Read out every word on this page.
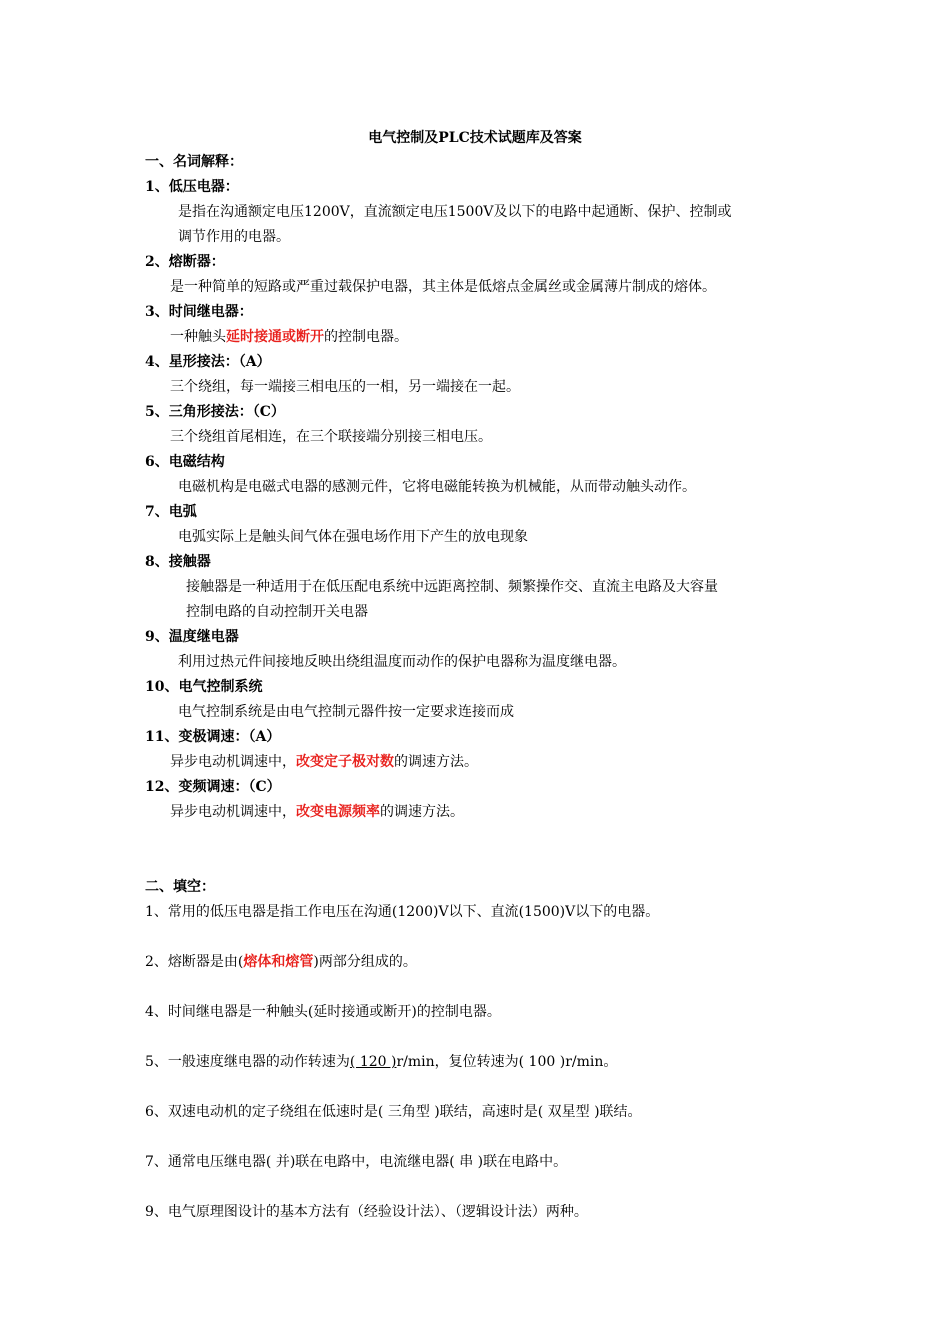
电气控制及PLC技术试题库及答案
一、名词解释：
1、低压电器：
是指在沟通额定电压1200V，直流额定电压1500V及以下的电路中起通断、保护、控制或
调节作用的电器。
2、熔断器：
是一种简单的短路或严重过载保护电器，其主体是低熔点金属丝或金属薄片制成的熔体。
3、时间继电器：
一种触头延时接通或断开的控制电器。
4、星形接法：（A）
三个绕组，每一端接三相电压的一相，另一端接在一起。
5、三角形接法：（C）
三个绕组首尾相连，在三个联接端分别接三相电压。
6、电磁结构
电磁机构是电磁式电器的感测元件，它将电磁能转换为机械能，从而带动触头动作。
7、电弧
电弧实际上是触头间气体在强电场作用下产生的放电现象
8、接触器
接触器是一种适用于在低压配电系统中远距离控制、频繁操作交、直流主电路及大容量
控制电路的自动控制开关电器
9、温度继电器
利用过热元件间接地反映出绕组温度而动作的保护电器称为温度继电器。
10、电气控制系统
电气控制系统是由电气控制元器件按一定要求连接而成
11、变极调速：（A）
异步电动机调速中，改变定子极对数的调速方法。
12、变频调速：（C）
异步电动机调速中，改变电源频率的调速方法。
二、填空：
1、常用的低压电器是指工作电压在沟通(1200)V以下、直流(1500)V以下的电器。
2、熔断器是由(熔体和熔管)两部分组成的。
4、时间继电器是一种触头(延时接通或断开)的控制电器。
5、一般速度继电器的动作转速为( 120 )r/min，复位转速为( 100 )r/min。
6、双速电动机的定子绕组在低速时是( 三角型 )联结，高速时是( 双星型 )联结。
7、通常电压继电器( 并)联在电路中，电流继电器( 串 )联在电路中。
9、电气原理图设计的基本方法有（经验设计法）、（逻辑设计法）两种。
